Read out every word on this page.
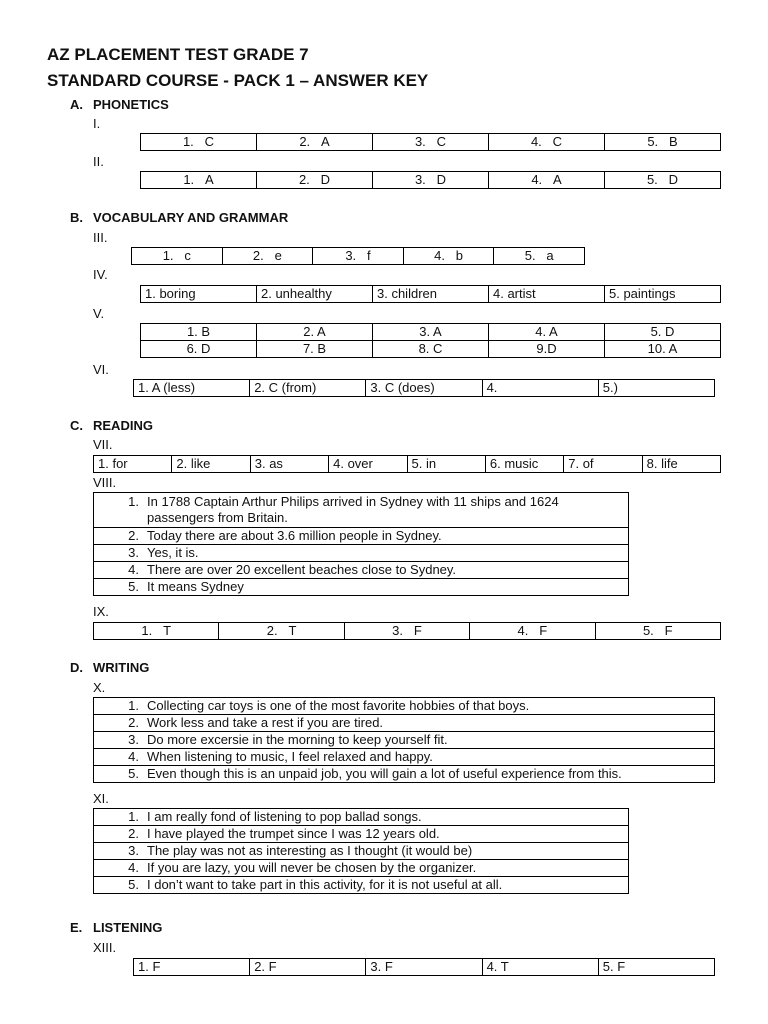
AZ PLACEMENT TEST GRADE 7
STANDARD COURSE - PACK 1 – ANSWER KEY
A. PHONETICS
I.
1. C	2. A	3. C	4. C	5. B
II.
1. A	2. D	3. D	4. A	5. D
B. VOCABULARY AND GRAMMAR
III.
1. c	2. e	3. f	4. b	5. a
IV.
1. boring	2. unhealthy	3. children	4. artist	5. paintings
V.
1. B	2. A	3. A	4. A	5. D
6. D	7. B	8. C	9.D	10. A
VI.
1. A (less)	2. C (from)	3. C (does)	4.	5.)
C. READING
VII.
1. for	2. like	3. as	4. over	5. in	6. music	7. of	8. life
VIII.
1. In 1788 Captain Arthur Philips arrived in Sydney with 11 ships and 1624 passengers from Britain.
2. Today there are about 3.6 million people in Sydney.
3. Yes, it is.
4. There are over 20 excellent beaches close to Sydney.
5. It means Sydney
IX.
1. T	2. T	3. F	4. F	5. F
D. WRITING
X.
1. Collecting car toys is one of the most favorite hobbies of that boys.
2. Work less and take a rest if you are tired.
3. Do more excersie in the morning to keep yourself fit.
4. When listening to music, I feel relaxed and happy.
5. Even though this is an unpaid job, you will gain a lot of useful experience from this.
XI.
1. I am really fond of listening to pop ballad songs.
2. I have played the trumpet since I was 12 years old.
3. The play was not as interesting as I thought (it would be)
4. If you are lazy, you will never be chosen by the organizer.
5. I don’t want to take part in this activity, for it is not useful at all.
E. LISTENING
XIII.
1. F	2. F	3. F	4. T	5. F
